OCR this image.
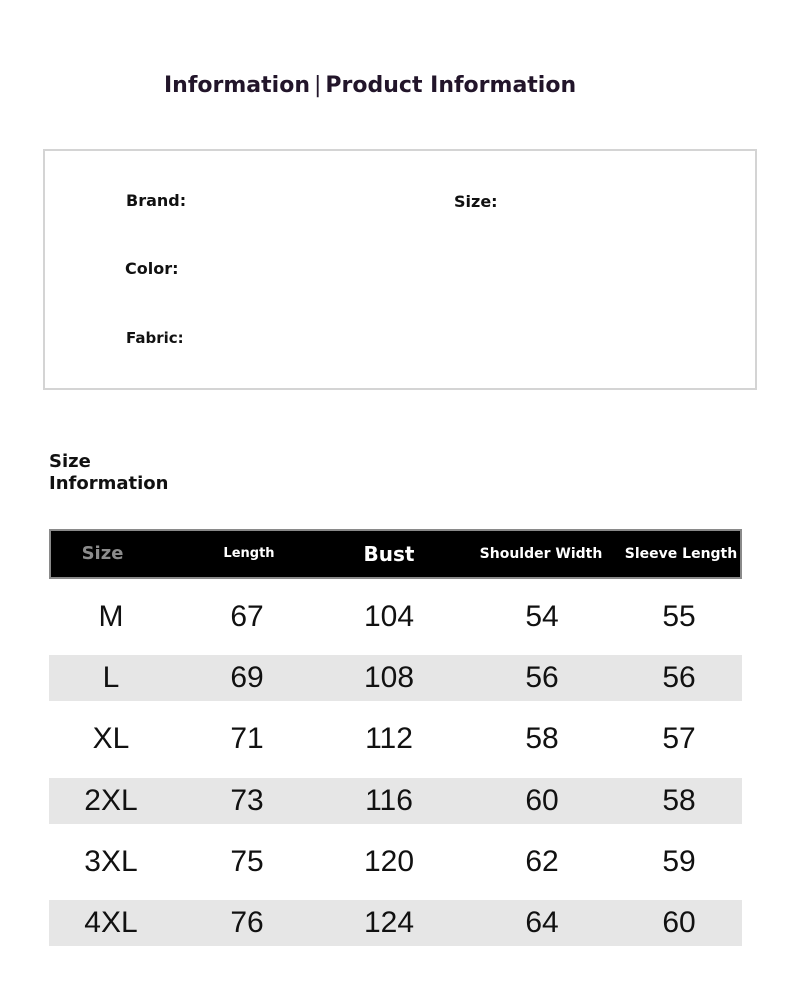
Information | Product Information
Brand:	Size:
Color:
Fabric:
Size
Information
Size	Length	Bust	Shoulder Width	Sleeve Length
M	67	104	54	55
L	69	108	56	56
XL	71	112	58	57
2XL	73	116	60	58
3XL	75	120	62	59
4XL	76	124	64	60
